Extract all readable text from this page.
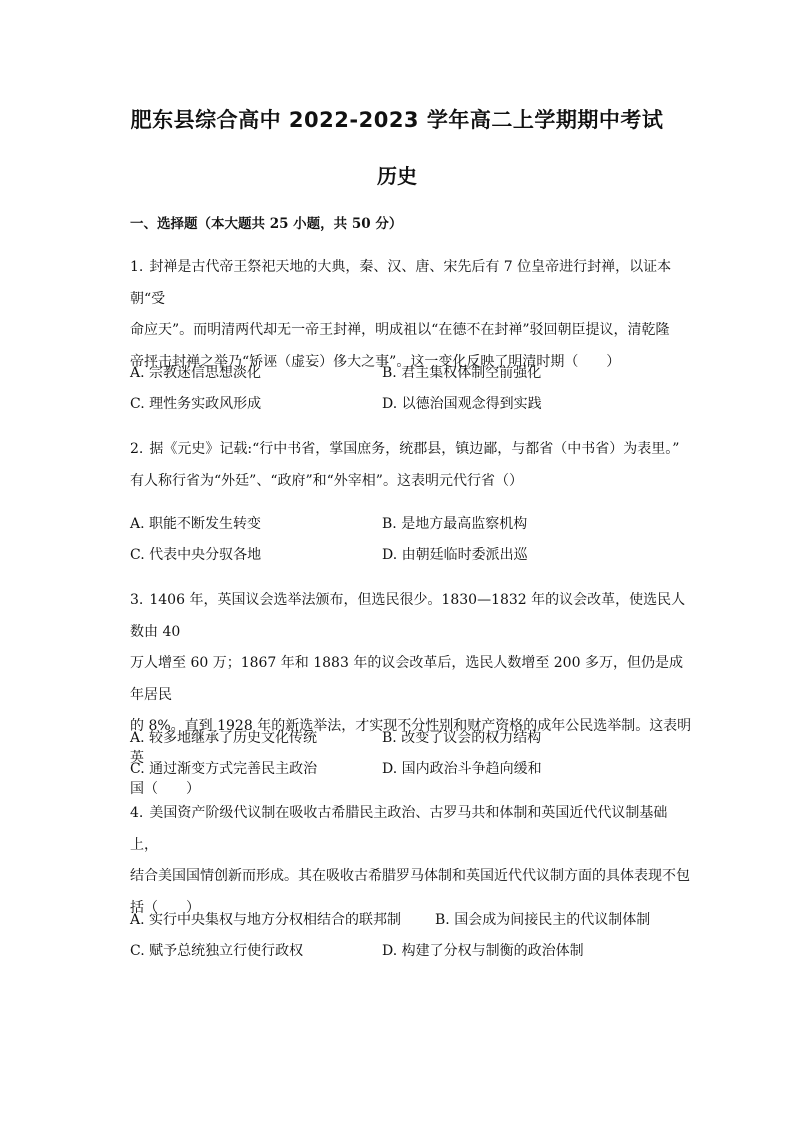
肥东县综合高中 2022-2023 学年高二上学期期中考试
历史
一、选择题（本大题共 25 小题，共 50 分）
1. 封禅是古代帝王祭祀天地的大典，秦、汉、唐、宋先后有 7 位皇帝进行封禅，以证本朝“受
命应天”。而明清两代却无一帝王封禅，明成祖以“在德不在封禅”驳回朝臣提议，清乾隆
帝抨击封禅之举乃“矫诬（虚妄）侈大之事”。这一变化反映了明清时期（　　）
A. 宗教迷信思想淡化	B. 君主集权体制空前强化
C. 理性务实政风形成	D. 以德治国观念得到实践
2. 据《元史》记载:“行中书省，掌国庶务，统郡县，镇边鄙，与都省（中书省）为表里。”
有人称行省为“外廷”、“政府”和“外宰相”。这表明元代行省（）
A. 职能不断发生转变	B. 是地方最高监察机构
C. 代表中央分驭各地	D. 由朝廷临时委派出巡
3. 1406 年，英国议会选举法颁布，但选民很少。1830—1832 年的议会改革，使选民人数由 40
万人增至 60 万；1867 年和 1883 年的议会改革后，选民人数增至 200 多万，但仍是成年居民
的 8%。直到 1928 年的新选举法，才实现不分性别和财产资格的成年公民选举制。这表明英
国（　　）
A. 较多地继承了历史文化传统	B. 改变了议会的权力结构
C. 通过渐变方式完善民主政治	D. 国内政治斗争趋向缓和
4. 美国资产阶级代议制在吸收古希腊民主政治、古罗马共和体制和英国近代代议制基础上，
结合美国国情创新而形成。其在吸收古希腊罗马体制和英国近代代议制方面的具体表现不包
括（　　）
A. 实行中央集权与地方分权相结合的联邦制	B. 国会成为间接民主的代议制体制
C. 赋予总统独立行使行政权	D. 构建了分权与制衡的政治体制
